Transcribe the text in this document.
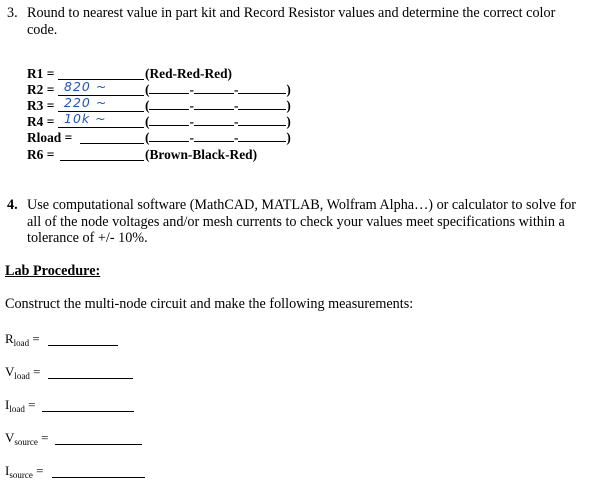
3. Round to nearest value in part kit and Record Resistor values and determine the correct color
code.
R1 =	(Red-Red-Red)
R2 = 820 ~	(	-	-	)
R3 = 220 ~	(	-	-	)
R4 = 10k ~	(	-	-	)
Rload =	(	-	-	)
R6 =	(Brown-Black-Red)
4. Use computational software (MathCAD, MATLAB, Wolfram Alpha…) or calculator to solve for all of the node voltages and/or mesh currents to check your values meet specifications within a tolerance of +/- 10%.
Lab Procedure:
Construct the multi-node circuit and make the following measurements:
$R_{load}$ =
$V_{load}$ =
$I_{load}$ =
$V_{source}$ =
$I_{source}$ =
